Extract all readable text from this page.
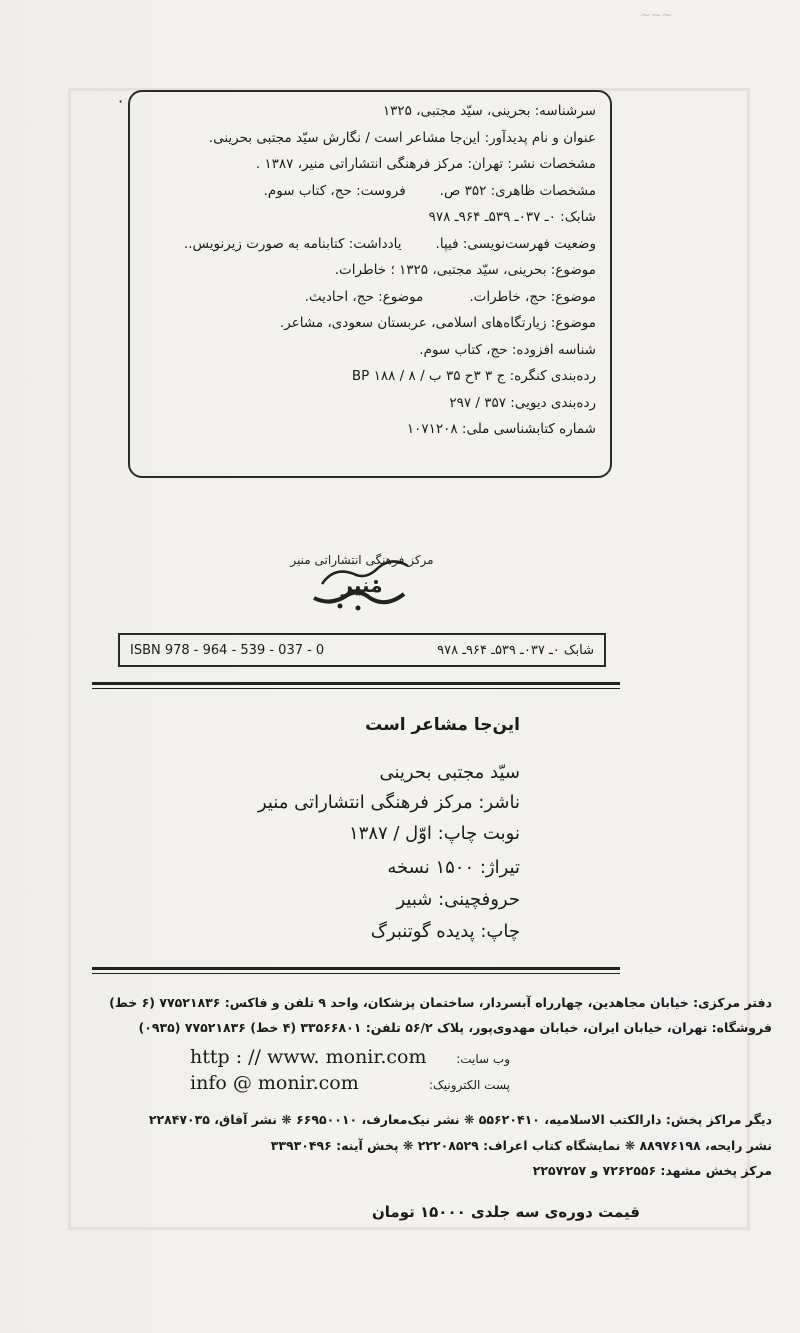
~~~
·	سرشناسه: بحرینی، سیّد مجتبی، ۱۳۲۵
عنوان و نام پدیدآور: این‌جا مشاعر است / نگارش سیّد مجتبی بحرینی.
مشخصات نشر: تهران: مرکز فرهنگی انتشاراتی منیر، ۱۳۸۷ .
مشخصات ظاهری: ۳۵۲ ص.فروست: حج، کتاب سوم.
شابک: ۰ـ ۰۳۷ـ ۵۳۹ـ ۹۶۴ـ ۹۷۸
وضعیت فهرست‌نویسی: فیپا.یادداشت: کتابنامه به صورت زیرنویس..
موضوع: بحرینی، سیّد مجتبی، ۱۳۲۵ ؛ خاطرات.
موضوع: حج، خاطرات.موضوع: حج، احادیث.
موضوع: زیارتگاه‌های اسلامی، عربستان سعودی، مشاعر.
شناسه افزوده: حج، کتاب سوم.
رده‌بندی کنگره: ج ۳ ۳ح ۳۵ ب / ۸ / ۱۸۸ BP
رده‌بندی دیویی: ۳۵۷ / ۲۹۷
شماره کتابشناسی ملی: ۱۰۷۱۲۰۸
مرکز فرهنگی انتشاراتی منیر
منیر
ISBN 978 - 964 - 539 - 037 - 0	شابک ۰ـ ۰۳۷ـ ۵۳۹ـ ۹۶۴ـ ۹۷۸
این‌جا مشاعر است
سیّد مجتبی بحرینی
ناشر: مرکز فرهنگی انتشاراتی منیر
نوبت چاپ: اوّل / ۱۳۸۷
تیراژ: ۱۵۰۰ نسخه
حروفچینی: شبیر
چاپ: پدیده گوتنبرگ
دفتر مرکزی: خیابان مجاهدین، چهارراه آبسردار، ساختمان پزشکان، واحد ۹ تلفن و فاکس: ۷۷۵۲۱۸۳۶ (۶ خط)
فروشگاه: تهران، خیابان ایران، خیابان مهدوی‌پور، پلاک ۵۶/۲ تلفن: ۳۳۵۶۶۸۰۱ (۴ خط) ۷۷۵۲۱۸۳۶ (۰۹۳۵)
http : // www. monir.com وب سایت:
info @ monir.com	پست الکترونیک:
دیگر مراکز پخش: دارالکتب الاسلامیه، ۵۵۶۲۰۴۱۰ ❋ نشر نیک‌معارف، ۶۶۹۵۰۰۱۰ ❋ نشر آفاق، ۲۲۸۴۷۰۳۵
نشر رایحه، ۸۸۹۷۶۱۹۸ ❋ نمایشگاه کتاب اعراف: ۲۲۲۰۸۵۲۹ ❋ پخش آینه: ۳۳۹۳۰۴۹۶
مرکز پخش مشهد: ۷۲۶۲۵۵۶ و ۲۲۵۷۲۵۷
قیمت دوره‌ی سه جلدی ۱۵۰۰۰ تومان
